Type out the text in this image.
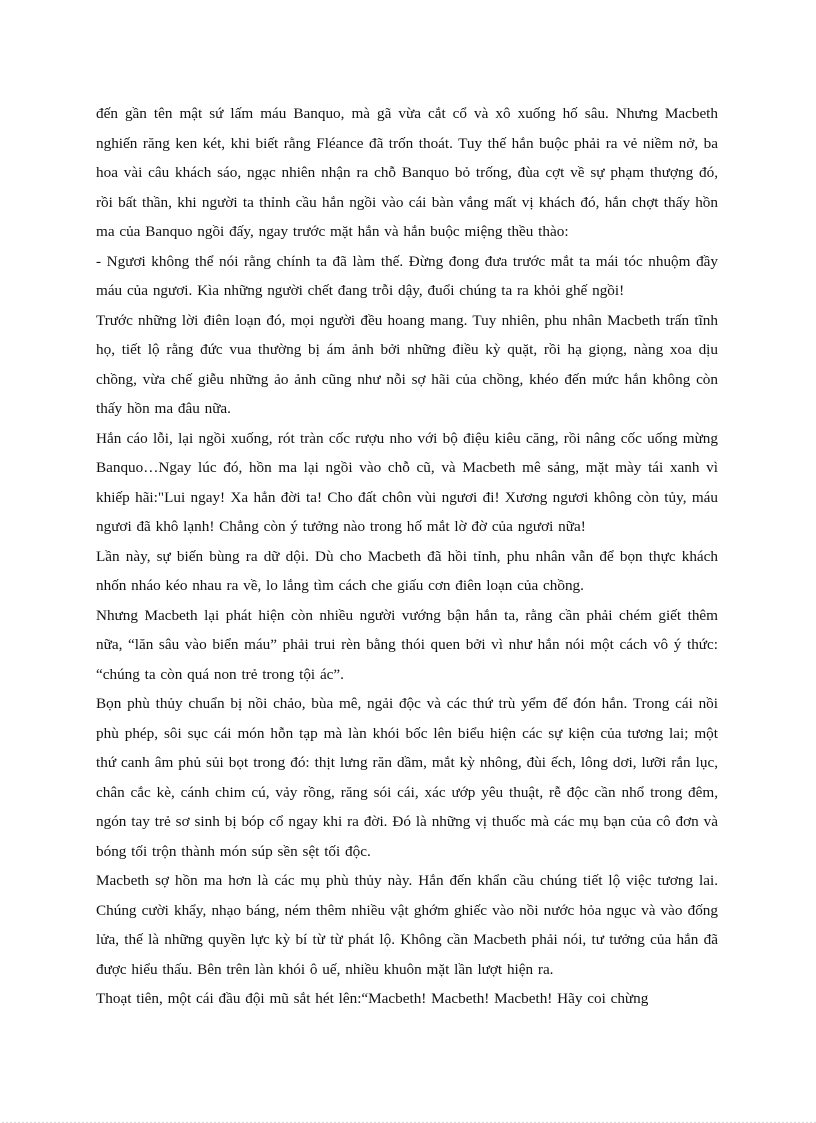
đến gần tên mật sứ lấm máu Banquo, mà gã vừa cắt cổ và xô xuống hố sâu. Nhưng Macbeth nghiến răng ken két, khi biết rằng Fléance đã trốn thoát. Tuy thế hắn buộc phải ra vẻ niềm nở, ba hoa vài câu khách sáo, ngạc nhiên nhận ra chỗ Banquo bỏ trống, đùa cợt về sự phạm thượng đó, rồi bất thần, khi người ta thỉnh cầu hắn ngồi vào cái bàn vắng mất vị khách đó, hắn chợt thấy hồn ma của Banquo ngồi đấy, ngay trước mặt hắn và hắn buộc miệng thều thào:

- Ngươi không thể nói rằng chính ta đã làm thế. Đừng đong đưa trước mắt ta mái tóc nhuộm đầy máu của ngươi. Kìa những người chết đang trỗi dậy, đuổi chúng ta ra khỏi ghế ngồi!

Trước những lời điên loạn đó, mọi người đều hoang mang. Tuy nhiên, phu nhân Macbeth trấn tĩnh họ, tiết lộ rằng đức vua thường bị ám ảnh bởi những điều kỳ quặt, rồi hạ giọng, nàng xoa dịu chồng, vừa chế giễu những ảo ảnh cũng như nỗi sợ hãi của chồng, khéo đến mức hắn không còn thấy hồn ma đâu nữa.

Hắn cáo lỗi, lại ngồi xuống, rót tràn cốc rượu nho với bộ điệu kiêu căng, rồi nâng cốc uống mừng Banquo…Ngay lúc đó, hồn ma lại ngồi vào chỗ cũ, và Macbeth mê sảng, mặt mày tái xanh vì khiếp hãi:"Lui ngay! Xa hẳn đời ta! Cho đất chôn vùi ngươi đi! Xương ngươi không còn tủy, máu ngươi đã khô lạnh! Chẳng còn ý tưởng nào trong hố mắt lờ đờ của ngươi nữa!

Lần này, sự biến bùng ra dữ dội. Dù cho Macbeth đã hồi tỉnh, phu nhân vẫn để bọn thực khách nhốn nháo kéo nhau ra về, lo lắng tìm cách che giấu cơn điên loạn của chồng.

Nhưng Macbeth lại phát hiện còn nhiều người vướng bận hắn ta, rằng cần phải chém giết thêm nữa, “lăn sâu vào biển máu” phải trui rèn bằng thói quen bởi vì như hắn nói một cách vô ý thức: “chúng ta còn quá non trẻ trong tội ác”.

Bọn phù thủy chuẩn bị nồi chảo, bùa mê, ngải độc và các thứ trù yểm để đón hắn. Trong cái nồi phù phép, sôi sục cái món hỗn tạp mà làn khói bốc lên biểu hiện các sự kiện của tương lai; một thứ canh âm phủ sủi bọt trong đó: thịt lưng răn dầm, mắt kỳ nhông, đùi ếch, lông dơi, lưỡi rắn lục, chân cắc kè, cánh chim cú, vảy rồng, răng sói cái, xác ướp yêu thuật, rễ độc cần nhổ trong đêm, ngón tay trẻ sơ sinh bị bóp cổ ngay khi ra đời. Đó là những vị thuốc mà các mụ bạn của cô đơn và bóng tối trộn thành món súp sền sệt tối độc.

Macbeth sợ hồn ma hơn là các mụ phù thủy này. Hắn đến khẩn cầu chúng tiết lộ việc tương lai. Chúng cười khẩy, nhạo báng, ném thêm nhiều vật ghớm ghiếc vào nồi nước hỏa ngục và vào đống lửa, thế là những quyền lực kỳ bí từ từ phát lộ. Không cần Macbeth phải nói, tư tưởng của hắn đã được hiểu thấu. Bên trên làn khói ô uế, nhiều khuôn mặt lần lượt hiện ra.

Thoạt tiên, một cái đầu đội mũ sắt hét lên:“Macbeth! Macbeth! Macbeth! Hãy coi chừng
